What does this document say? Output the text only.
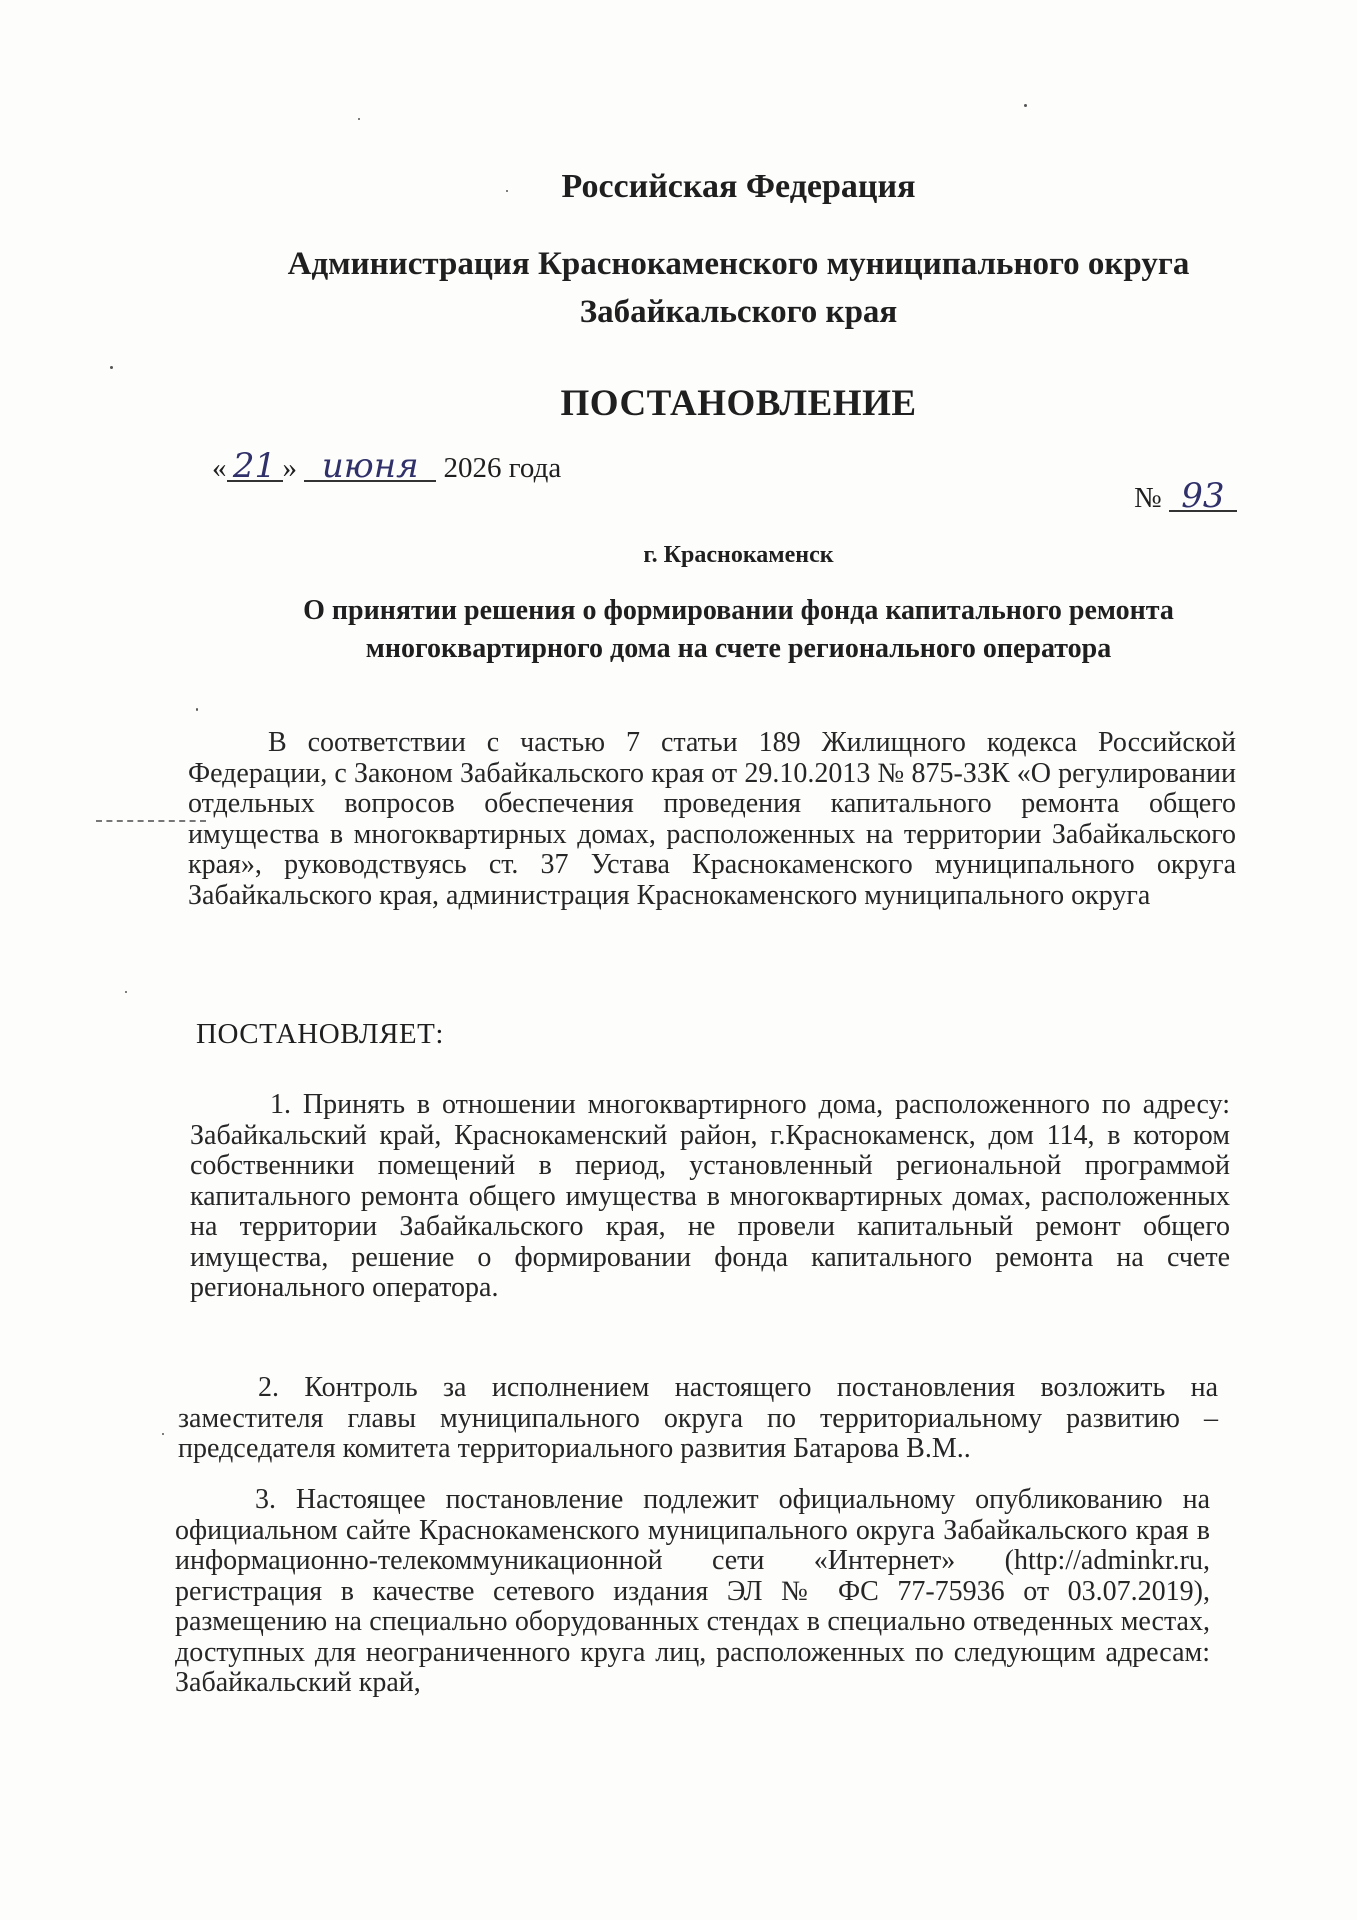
Российская Федерация
Администрация Краснокаменского муниципального округа
Забайкальского края
ПОСТАНОВЛЕНИЕ
« 21 » июня 2026 года
№ 93
г. Краснокаменск
О принятии решения о формировании фонда капитального ремонта
многоквартирного дома на счете регионального оператора
В соответствии с частью 7 статьи 189 Жилищного кодекса Российской Федерации, с Законом Забайкальского края от 29.10.2013 № 875-ЗЗК «О регулировании отдельных вопросов обеспечения проведения капитального ремонта общего имущества в многоквартирных домах, расположенных на территории Забайкальского края», руководствуясь ст. 37 Устава Краснокаменского муниципального округа Забайкальского края, администрация Краснокаменского муниципального округа
ПОСТАНОВЛЯЕТ:
1. Принять в отношении многоквартирного дома, расположенного по адресу: Забайкальский край, Краснокаменский район, г.Краснокаменск, дом 114, в котором собственники помещений в период, установленный региональной программой капитального ремонта общего имущества в многоквартирных домах, расположенных на территории Забайкальского края, не провели капитальный ремонт общего имущества, решение о формировании фонда капитального ремонта на счете регионального оператора.
2. Контроль за исполнением настоящего постановления возложить на заместителя главы муниципального округа по территориальному развитию – председателя комитета территориального развития Батарова В.М..
3. Настоящее постановление подлежит официальному опубликованию на официальном сайте Краснокаменского муниципального округа Забайкальского края в информационно-телекоммуникационной сети «Интернет» (http://adminkr.ru, регистрация в качестве сетевого издания ЭЛ № ФС 77-75936 от 03.07.2019), размещению на специально оборудованных стендах в специально отведенных местах, доступных для неограниченного круга лиц, расположенных по следующим адресам: Забайкальский край,
